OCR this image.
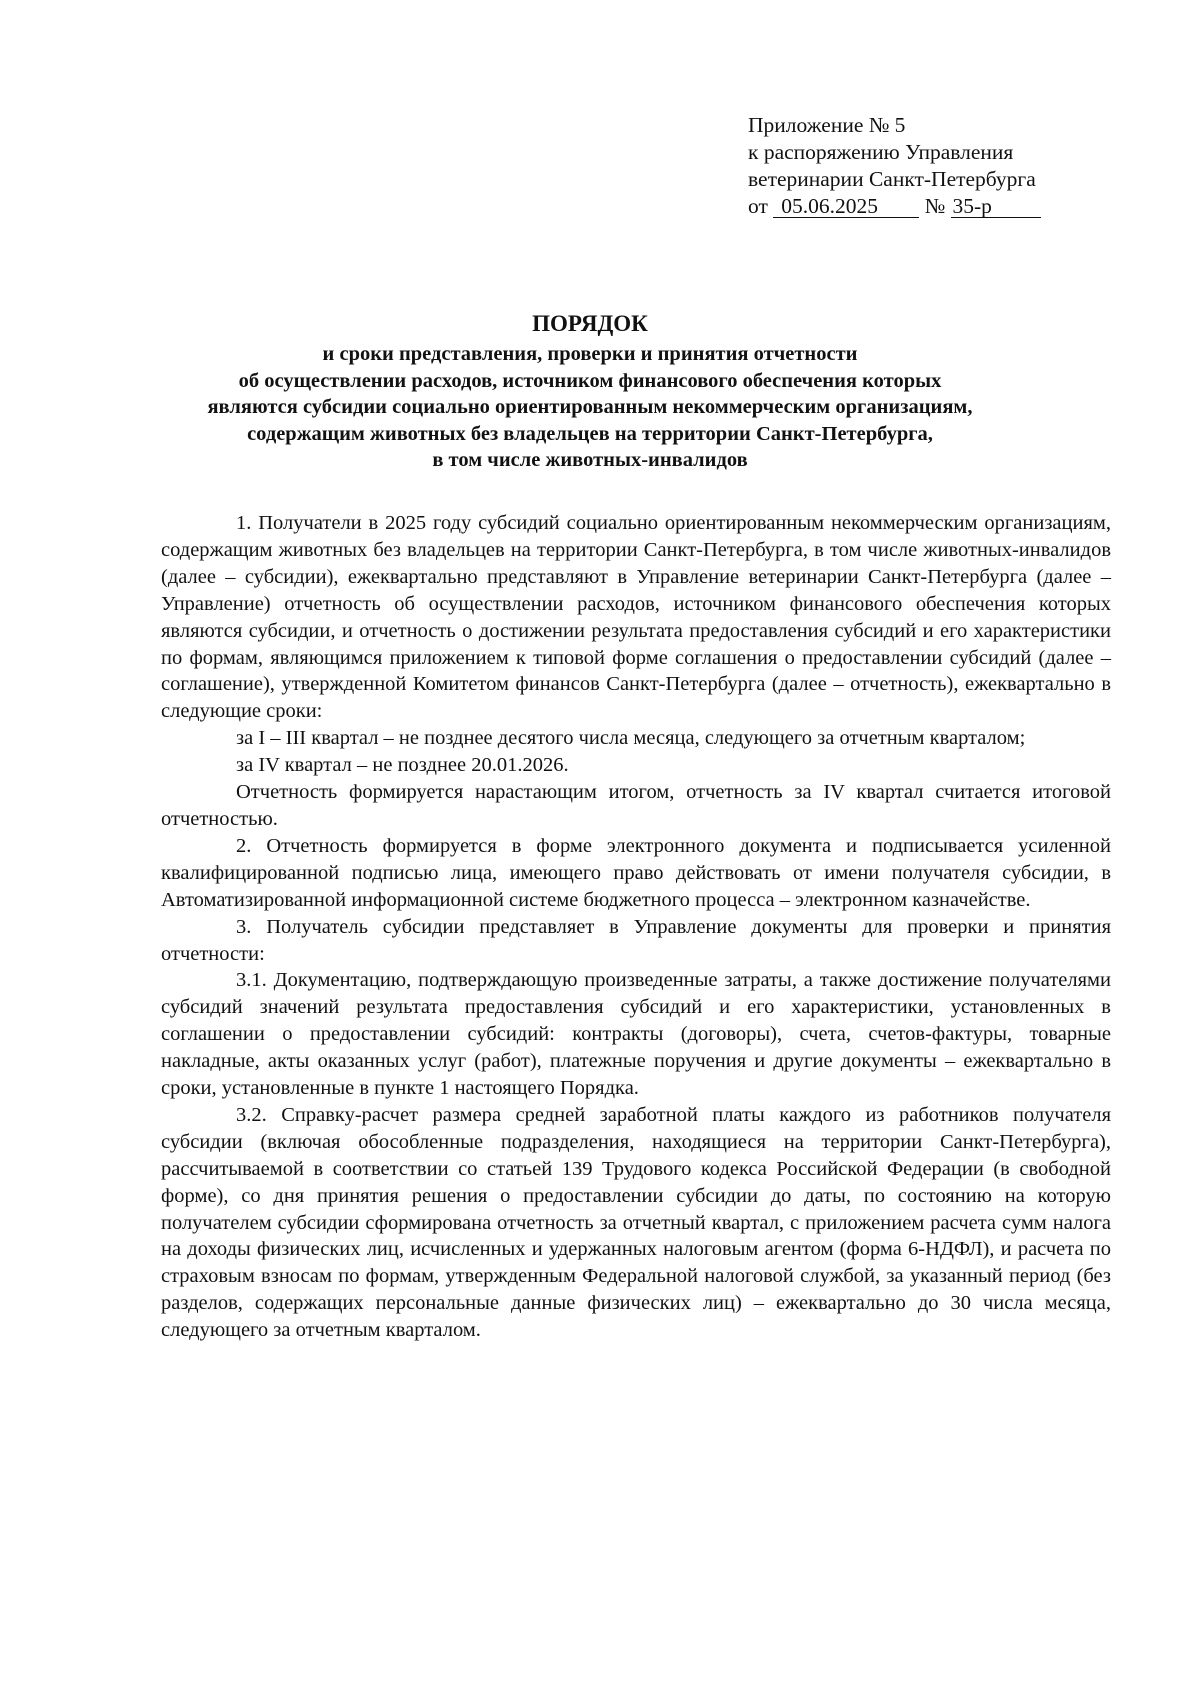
Приложение № 5
к распоряжению Управления
ветеринарии Санкт-Петербурга
от 05.06.2025 № 35-р
ПОРЯДОК
и сроки представления, проверки и принятия отчетности
об осуществлении расходов, источником финансового обеспечения которых
являются субсидии социально ориентированным некоммерческим организациям,
содержащим животных без владельцев на территории Санкт-Петербурга,
в том числе животных-инвалидов

1. Получатели в 2025 году субсидий социально ориентированным некоммерческим организациям, содержащим животных без владельцев на территории Санкт-Петербурга, в том числе животных-инвалидов (далее – субсидии), ежеквартально представляют в Управление ветеринарии Санкт-Петербурга (далее – Управление) отчетность об осуществлении расходов, источником финансового обеспечения которых являются субсидии, и отчетность о достижении результата предоставления субсидий и его характеристики по формам, являющимся приложением к типовой форме соглашения о предоставлении субсидий (далее – соглашение), утвержденной Комитетом финансов Санкт-Петербурга (далее – отчетность), ежеквартально в следующие сроки:

за I – III квартал – не позднее десятого числа месяца, следующего за отчетным кварталом;

за IV квартал – не позднее 20.01.2026.

Отчетность формируется нарастающим итогом, отчетность за IV квартал считается итоговой отчетностью.

2. Отчетность формируется в форме электронного документа и подписывается усиленной квалифицированной подписью лица, имеющего право действовать от имени получателя субсидии, в Автоматизированной информационной системе бюджетного процесса – электронном казначействе.

3. Получатель субсидии представляет в Управление документы для проверки и принятия отчетности:

3.1. Документацию, подтверждающую произведенные затраты, а также достижение получателями субсидий значений результата предоставления субсидий и его характеристики, установленных в соглашении о предоставлении субсидий: контракты (договоры), счета, счетов-фактуры, товарные накладные, акты оказанных услуг (работ), платежные поручения и другие документы – ежеквартально в сроки, установленные в пункте 1 настоящего Порядка.

3.2. Справку-расчет размера средней заработной платы каждого из работников получателя субсидии (включая обособленные подразделения, находящиеся на территории Санкт-Петербурга), рассчитываемой в соответствии со статьей 139 Трудового кодекса Российской Федерации (в свободной форме), со дня принятия решения о предоставлении субсидии до даты, по состоянию на которую получателем субсидии сформирована отчетность за отчетный квартал, с приложением расчета сумм налога на доходы физических лиц, исчисленных и удержанных налоговым агентом (форма 6-НДФЛ), и расчета по страховым взносам по формам, утвержденным Федеральной налоговой службой, за указанный период (без разделов, содержащих персональные данные физических лиц) – ежеквартально до 30 числа месяца, следующего за отчетным кварталом.
